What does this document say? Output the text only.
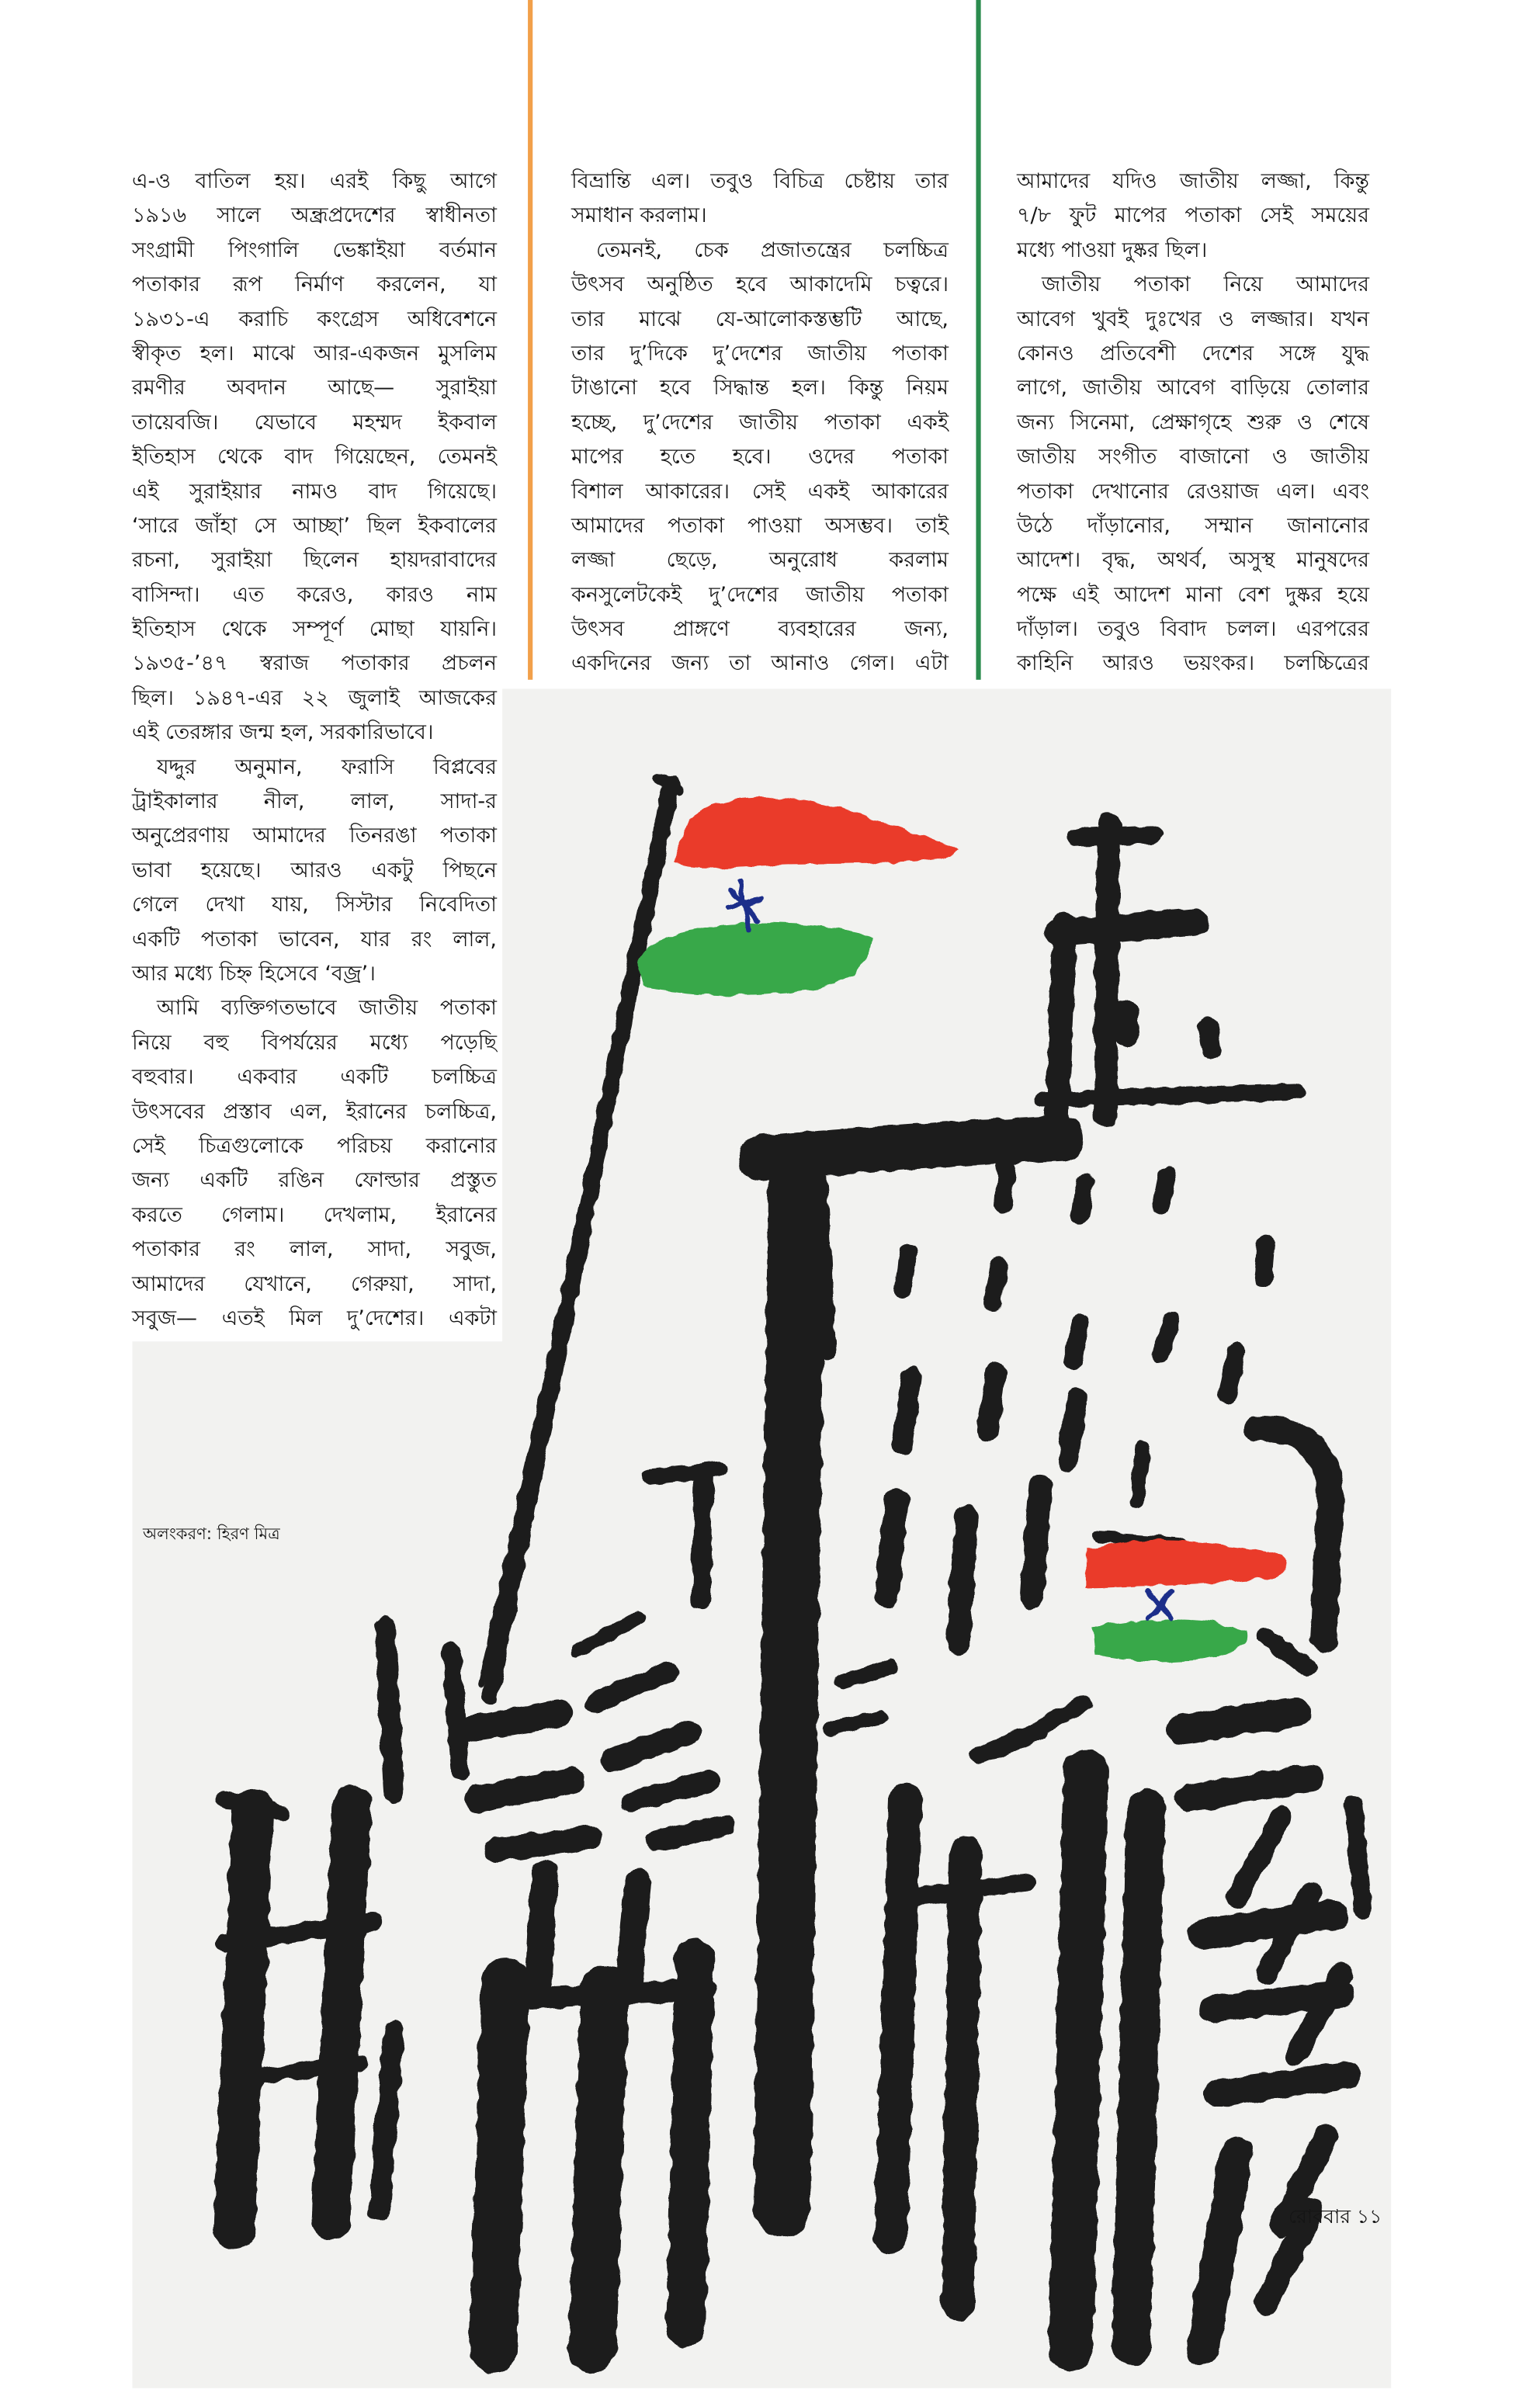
এ-ও বাতিল হয়। এরই কিছু আগে
১৯১৬ সালে অন্ধ্রপ্রদেশের স্বাধীনতা
সংগ্রামী পিংগালি ভেঙ্কাইয়া বর্তমান
পতাকার রূপ নির্মাণ করলেন, যা
১৯৩১-এ করাচি কংগ্রেস অধিবেশনে
স্বীকৃত হল। মাঝে আর-একজন মুসলিম
রমণীর অবদান আছে— সুরাইয়া
তায়েবজি। যেভাবে মহম্মদ ইকবাল
ইতিহাস থেকে বাদ গিয়েছেন, তেমনই
এই সুরাইয়ার নামও বাদ গিয়েছে।
‘সারে জাঁহা সে আচ্ছা’ ছিল ইকবালের
রচনা, সুরাইয়া ছিলেন হায়দরাবাদের
বাসিন্দা। এত করেও, কারও নাম
ইতিহাস থেকে সম্পূর্ণ মোছা যায়নি।
১৯৩৫-’৪৭ স্বরাজ পতাকার প্রচলন
ছিল। ১৯৪৭-এর ২২ জুলাই আজকের
এই তেরঙ্গার জন্ম হল, সরকারিভাবে।
যদ্দুর অনুমান, ফরাসি বিপ্লবের
ট্রাইকালার নীল, লাল, সাদা-র
অনুপ্রেরণায় আমাদের তিনরঙা পতাকা
ভাবা হয়েছে। আরও একটু পিছনে
গেলে দেখা যায়, সিস্টার নিবেদিতা
একটি পতাকা ভাবেন, যার রং লাল,
আর মধ্যে চিহ্ন হিসেবে ‘বজ্র’।
আমি ব্যক্তিগতভাবে জাতীয় পতাকা
নিয়ে বহু বিপর্যয়ের মধ্যে পড়েছি
বহুবার। একবার একটি চলচ্চিত্র
উৎসবের প্রস্তাব এল, ইরানের চলচ্চিত্র,
সেই চিত্রগুলোকে পরিচয় করানোর
জন্য একটি রঙিন ফোল্ডার প্রস্তুত
করতে গেলাম। দেখলাম, ইরানের
পতাকার রং লাল, সাদা, সবুজ,
আমাদের যেখানে, গেরুয়া, সাদা,
সবুজ— এতই মিল দু’দেশের। একটা
বিভ্রান্তি এল। তবুও বিচিত্র চেষ্টায় তার
সমাধান করলাম।
তেমনই, চেক প্রজাতন্ত্রের চলচ্চিত্র
উৎসব অনুষ্ঠিত হবে আকাদেমি চত্বরে।
তার মাঝে যে-আলোকস্তম্ভটি আছে,
তার দু’দিকে দু’দেশের জাতীয় পতাকা
টাঙানো হবে সিদ্ধান্ত হল। কিন্তু নিয়ম
হচ্ছে, দু’দেশের জাতীয় পতাকা একই
মাপের হতে হবে। ওদের পতাকা
বিশাল আকারের। সেই একই আকারের
আমাদের পতাকা পাওয়া অসম্ভব। তাই
লজ্জা ছেড়ে, অনুরোধ করলাম
কনসুলেটকেই দু’দেশের জাতীয় পতাকা
উৎসব প্রাঙ্গণে ব্যবহারের জন্য,
একদিনের জন্য তা আনাও গেল। এটা
আমাদের যদিও জাতীয় লজ্জা, কিন্তু
৭/৮ ফুট মাপের পতাকা সেই সময়ের
মধ্যে পাওয়া দুষ্কর ছিল।
জাতীয় পতাকা নিয়ে আমাদের
আবেগ খুবই দুঃখের ও লজ্জার। যখন
কোনও প্রতিবেশী দেশের সঙ্গে যুদ্ধ
লাগে, জাতীয় আবেগ বাড়িয়ে তোলার
জন্য সিনেমা, প্রেক্ষাগৃহে শুরু ও শেষে
জাতীয় সংগীত বাজানো ও জাতীয়
পতাকা দেখানোর রেওয়াজ এল। এবং
উঠে দাঁড়ানোর, সম্মান জানানোর
আদেশ। বৃদ্ধ, অথর্ব, অসুস্থ মানুষদের
পক্ষে এই আদেশ মানা বেশ দুষ্কর হয়ে
দাঁড়াল। তবুও বিবাদ চলল। এরপরের
কাহিনি আরও ভয়ংকর। চলচ্চিত্রের
অলংকরণ: হিরণ মিত্র
রোববার ১১
